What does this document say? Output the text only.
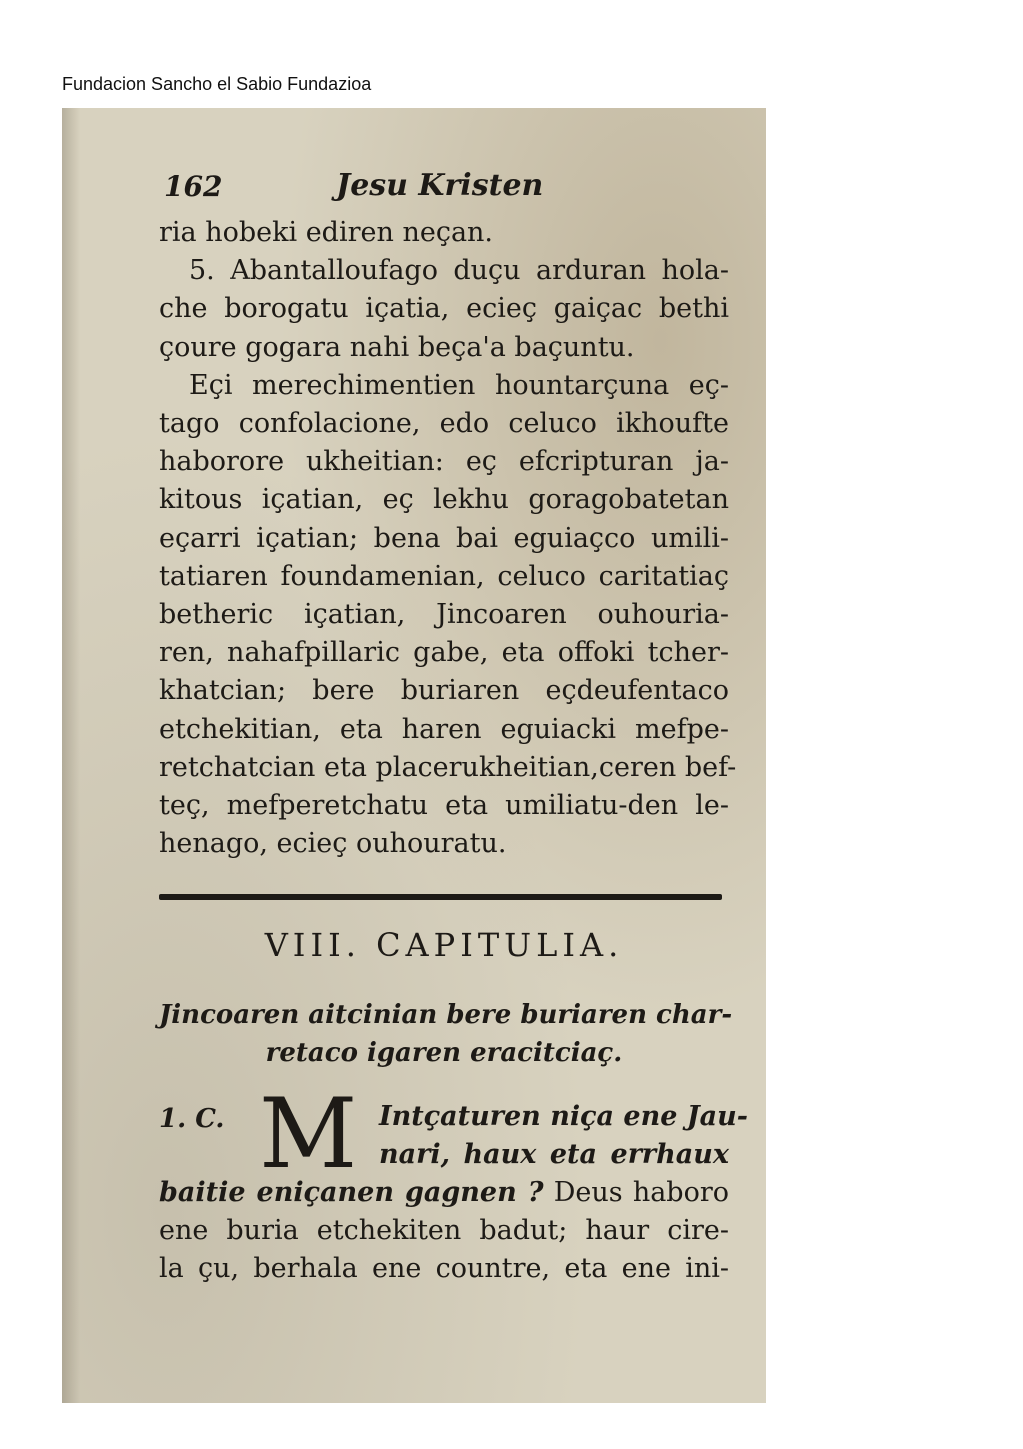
Fundacion Sancho el Sabio Fundazioa
162	Jesu Kristen
ria hobeki ediren neçan.
5. Abantalloufago duçu arduran hola-
che borogatu içatia, ecieç gaiçac bethi
çoure gogara nahi beça'a baçuntu.
Eçi merechimentien hountarçuna eç-
tago confolacione, edo celuco ikhoufte
haborore ukheitian: eç efcripturan ja-
kitous içatian, eç lekhu goragobatetan
eçarri içatian; bena bai eguiaçco umili-
tatiaren foundamenian, celuco caritatiaç
betheric içatian, Jincoaren ouhouria-
ren, nahafpillaric gabe, eta offoki tcher-
khatcian; bere buriaren eçdeufentaco
etchekitian, eta haren eguiacki mefpe-
retchatcian eta placerukheitian,ceren bef-
teç, mefperetchatu eta umiliatu-den le-
henago, ecieç ouhouratu.
VIII. CAPITULIA.
Jincoaren aitcinian bere buriaren char-
retaco igaren eracitciaç.
1. C. M Intçaturen niça ene Jau-
nari, haux eta errhaux
baitie eniçanen gagnen ? Deus haboro
ene buria etchekiten badut; haur cire-
la çu, berhala ene countre, eta ene ini-
